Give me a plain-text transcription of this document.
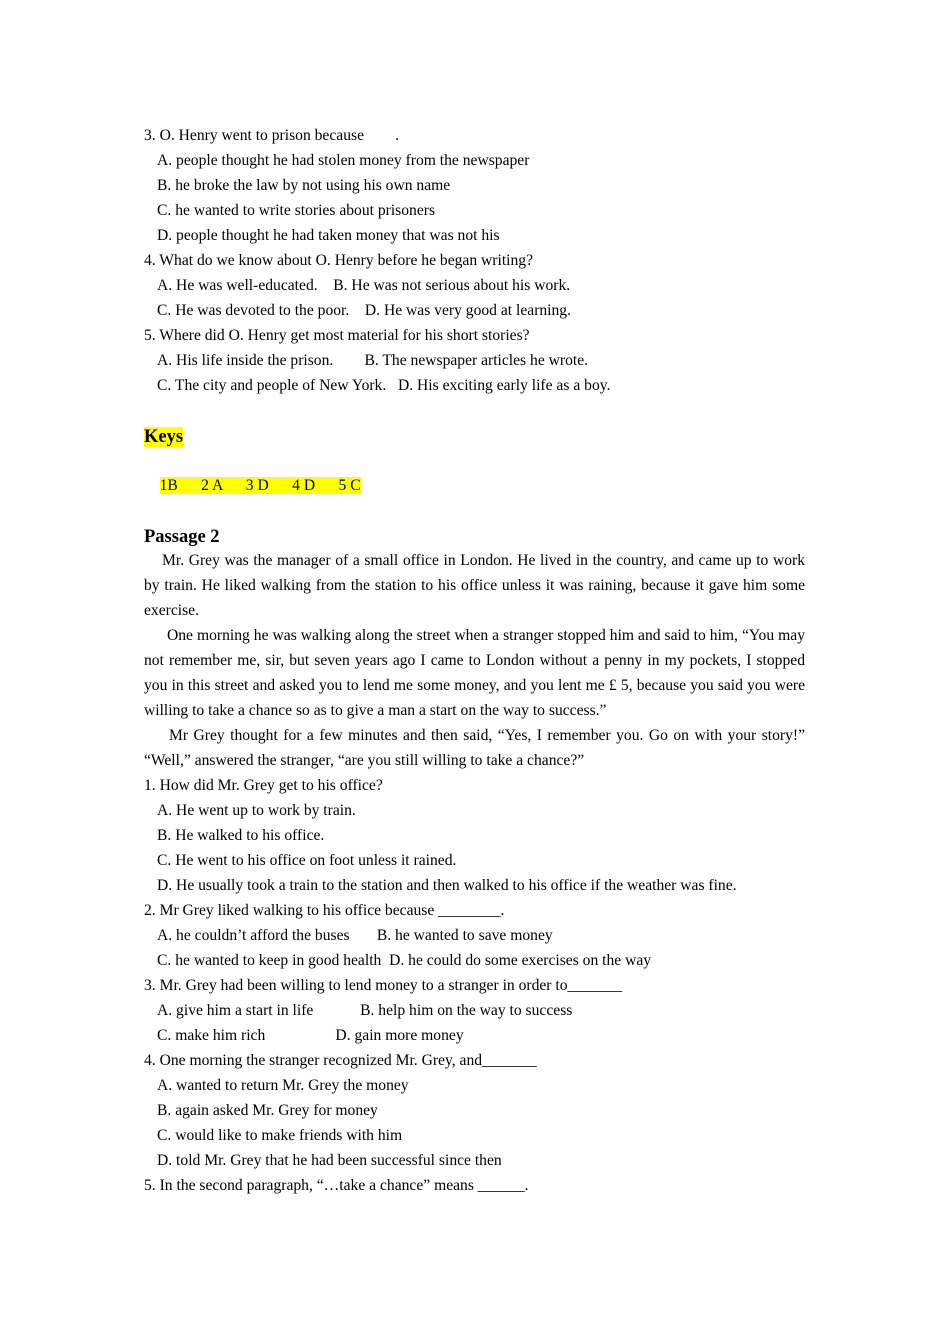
3. O. Henry went to prison because        .
A. people thought he had stolen money from the newspaper
B. he broke the law by not using his own name
C. he wanted to write stories about prisoners
D. people thought he had taken money that was not his
4. What do we know about O. Henry before he began writing?
A. He was well-educated.    B. He was not serious about his work.
C. He was devoted to the poor.    D. He was very good at learning.
5. Where did O. Henry get most material for his short stories?
A. His life inside the prison.        B. The newspaper articles he wrote.
C. The city and people of New York.   D. His exciting early life as a boy.
Keys

1B      2 A      3 D      4 D      5 C

Passage 2
Mr. Grey was the manager of a small office in London. He lived in the country, and came up to work by train. He liked walking from the station to his office unless it was raining, because it gave him some exercise.
One morning he was walking along the street when a stranger stopped him and said to him, “You may not remember me, sir, but seven years ago I came to London without a penny in my pockets, I stopped you in this street and asked you to lend me some money, and you lent me £ 5, because you said you were willing to take a chance so as to give a man a start on the way to success.”
Mr Grey thought for a few minutes and then said, “Yes, I remember you. Go on with your story!” “Well,” answered the stranger, “are you still willing to take a chance?”
1. How did Mr. Grey get to his office?
A. He went up to work by train.
B. He walked to his office.
C. He went to his office on foot unless it rained.
D. He usually took a train to the station and then walked to his office if the weather was fine.
2. Mr Grey liked walking to his office because ________.
A. he couldn’t afford the buses       B. he wanted to save money
C. he wanted to keep in good health  D. he could do some exercises on the way
3. Mr. Grey had been willing to lend money to a stranger in order to_______
A. give him a start in life            B. help him on the way to success
C. make him rich                  D. gain more money
4. One morning the stranger recognized Mr. Grey, and_______
A. wanted to return Mr. Grey the money
B. again asked Mr. Grey for money
C. would like to make friends with him
D. told Mr. Grey that he had been successful since then
5. In the second paragraph, “…take a chance” means ______.
